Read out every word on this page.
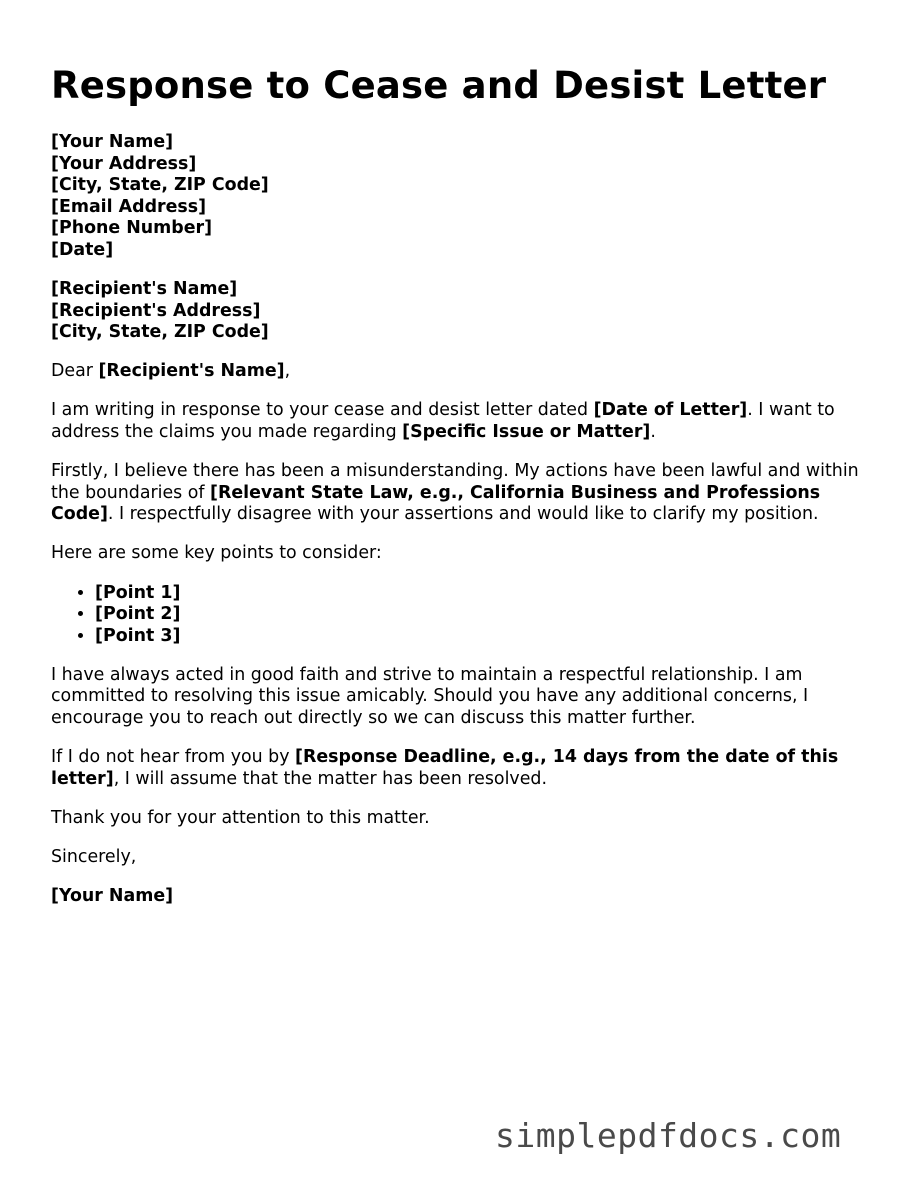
Response to Cease and Desist Letter
[Your Name]
[Your Address]
[City, State, ZIP Code]
[Email Address]
[Phone Number]
[Date]
[Recipient's Name]
[Recipient's Address]
[City, State, ZIP Code]

Dear [Recipient's Name],

I am writing in response to your cease and desist letter dated [Date of Letter]. I want to address the claims you made regarding [Specific Issue or Matter].

Firstly, I believe there has been a misunderstanding. My actions have been lawful and within the boundaries of [Relevant State Law, e.g., California Business and Professions Code]. I respectfully disagree with your assertions and would like to clarify my position.

Here are some key points to consider:

• [Point 1]
• [Point 2]
• [Point 3]

I have always acted in good faith and strive to maintain a respectful relationship. I am committed to resolving this issue amicably. Should you have any additional concerns, I encourage you to reach out directly so we can discuss this matter further.

If I do not hear from you by [Response Deadline, e.g., 14 days from the date of this letter], I will assume that the matter has been resolved.

Thank you for your attention to this matter.

Sincerely,

[Your Name]

simplepdfdocs.com
